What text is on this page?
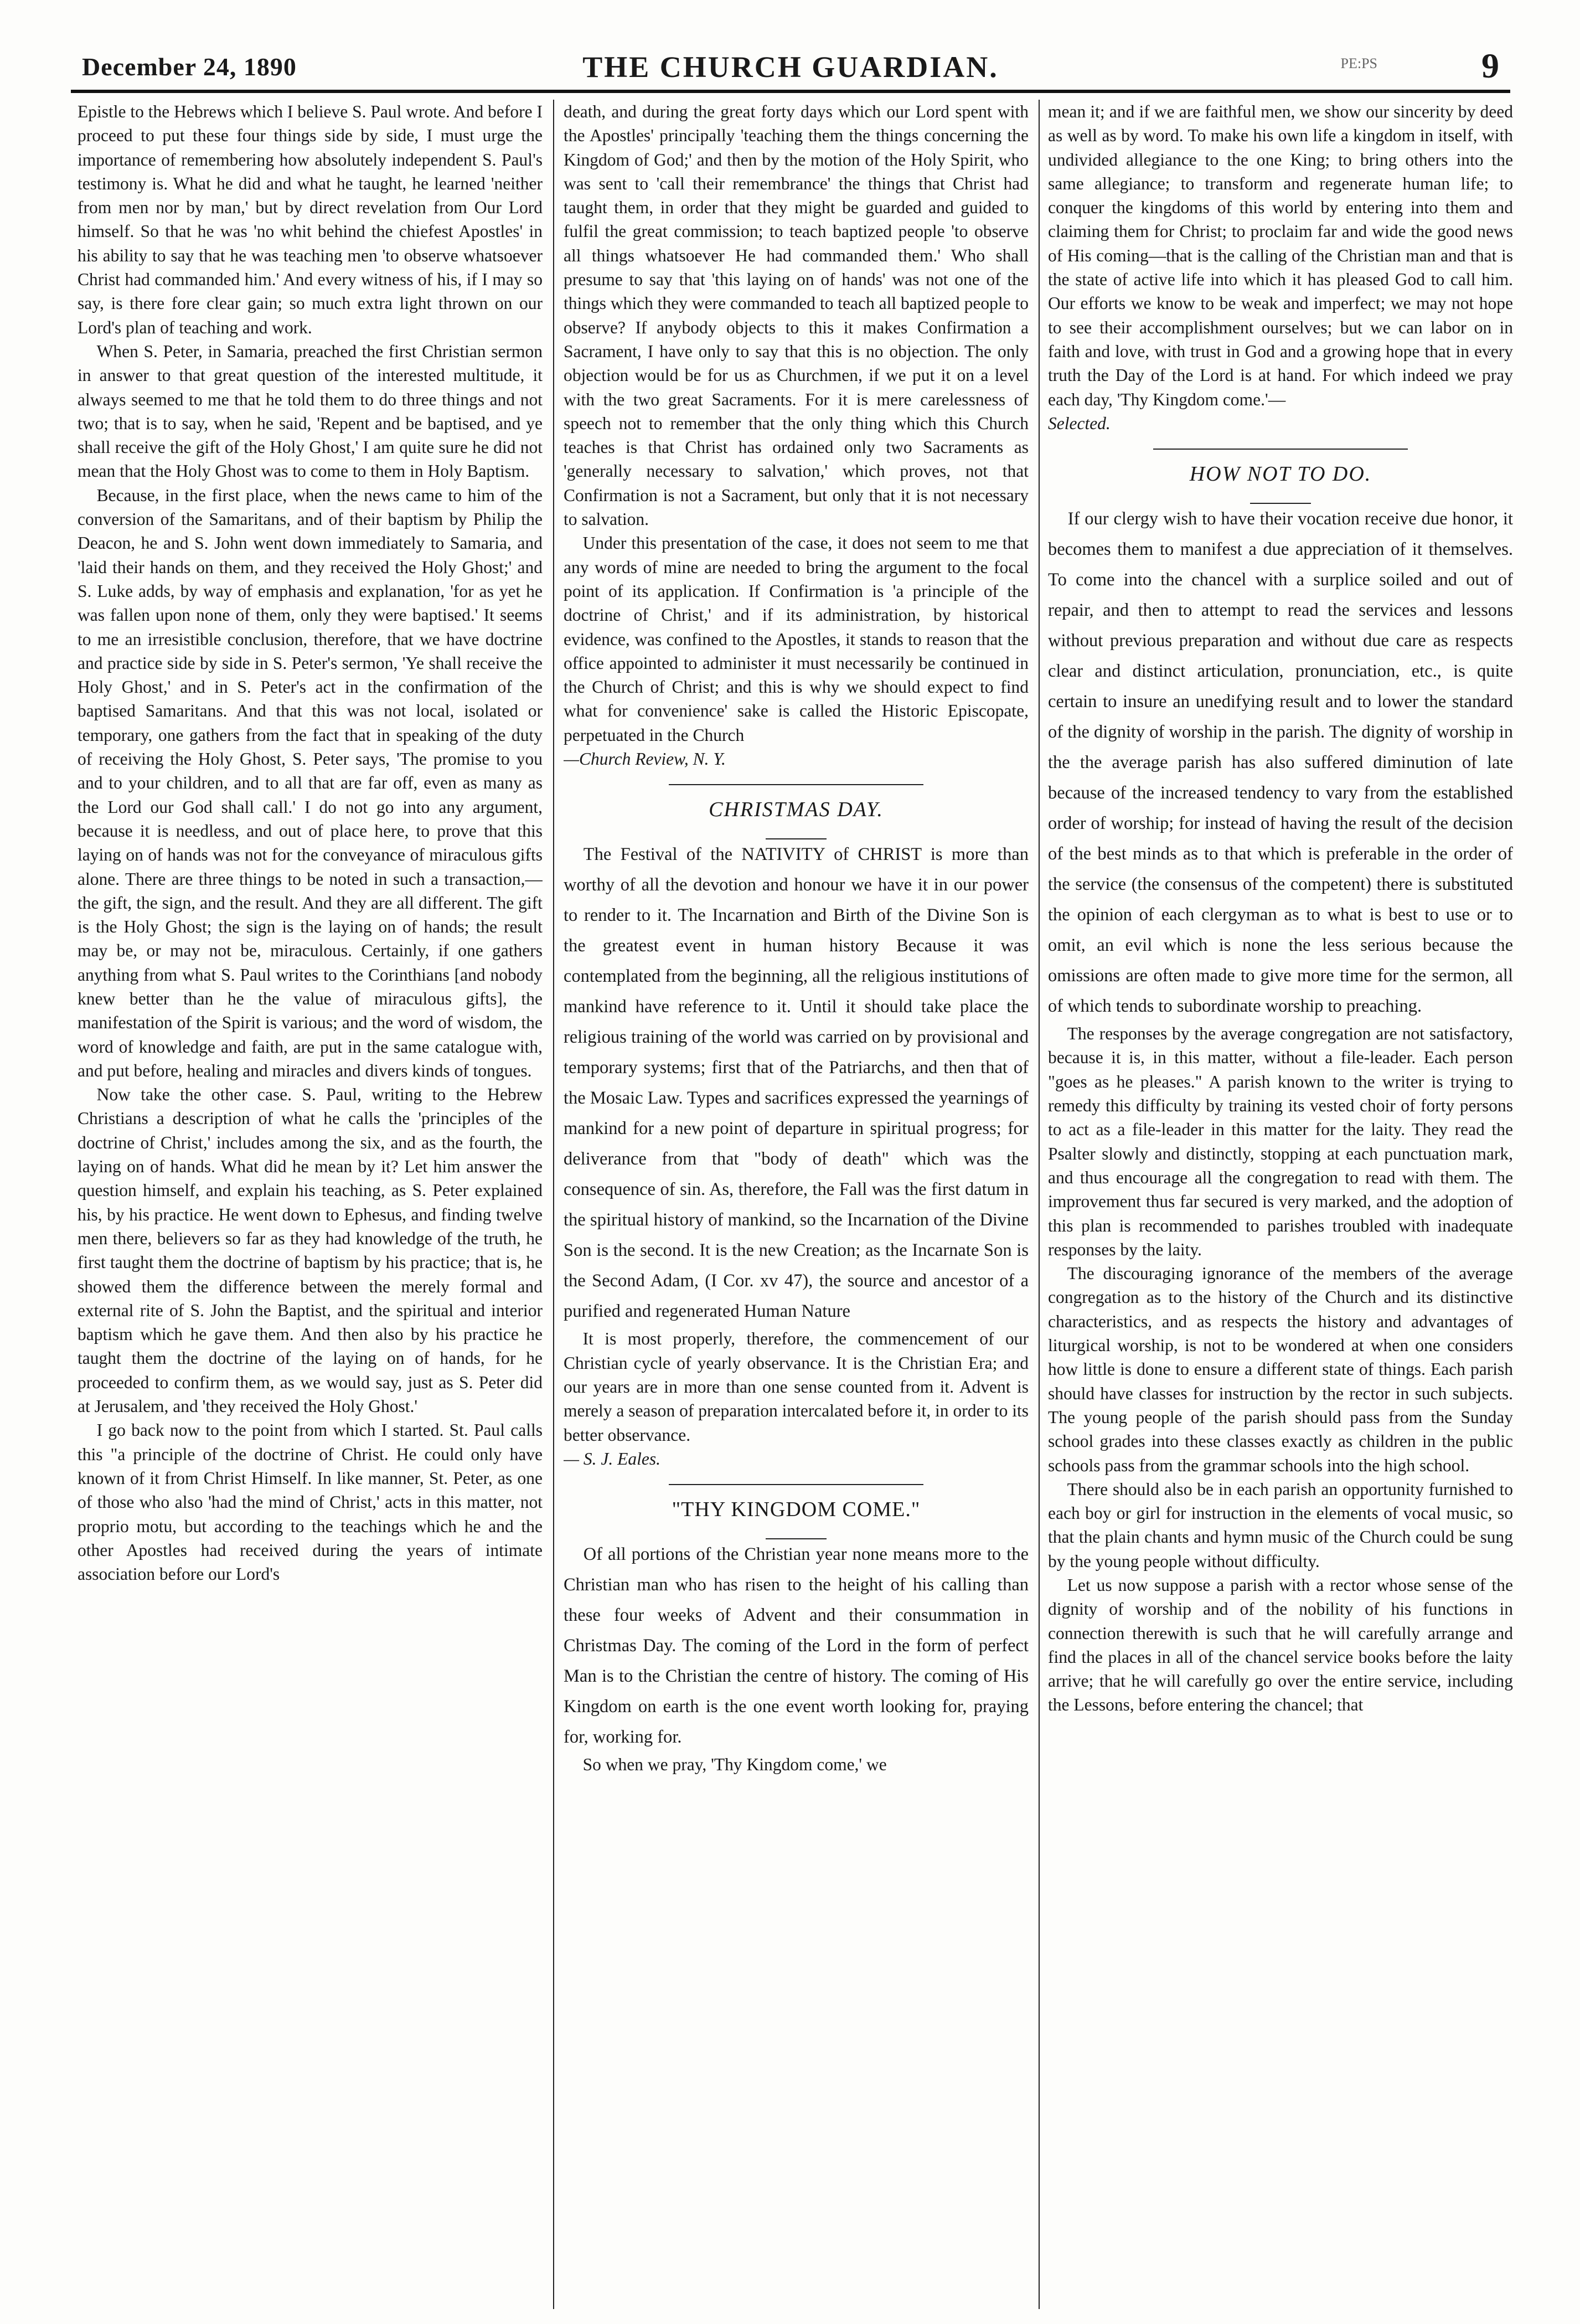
December 24, 1890	THE CHURCH GUARDIAN.	PE:PS	9

Epistle to the Hebrews which I believe S. Paul wrote. And before I proceed to put these four things side by side, I must urge the importance of remembering how absolutely independent S. Paul's testimony is. What he did and what he taught, he learned 'neither from men nor by man,' but by direct revelation from Our Lord himself. So that he was 'no whit behind the chiefest Apostles' in his ability to say that he was teaching men 'to observe whatsoever Christ had commanded him.' And every witness of his, if I may so say, is there fore clear gain; so much extra light thrown on our Lord's plan of teaching and work.

When S. Peter, in Samaria, preached the first Christian sermon in answer to that great question of the interested multitude, it always seemed to me that he told them to do three things and not two; that is to say, when he said, 'Repent and be baptised, and ye shall receive the gift of the Holy Ghost,' I am quite sure he did not mean that the Holy Ghost was to come to them in Holy Baptism.

Because, in the first place, when the news came to him of the conversion of the Samaritans, and of their baptism by Philip the Deacon, he and S. John went down immediately to Samaria, and 'laid their hands on them, and they received the Holy Ghost;' and S. Luke adds, by way of emphasis and explanation, 'for as yet he was fallen upon none of them, only they were baptised.' It seems to me an irresistible conclusion, therefore, that we have doctrine and practice side by side in S. Peter's sermon, 'Ye shall receive the Holy Ghost,' and in S. Peter's act in the confirmation of the baptised Samaritans. And that this was not local, isolated or temporary, one gathers from the fact that in speaking of the duty of receiving the Holy Ghost, S. Peter says, 'The promise to you and to your children, and to all that are far off, even as many as the Lord our God shall call.' I do not go into any argument, because it is needless, and out of place here, to prove that this laying on of hands was not for the conveyance of miraculous gifts alone. There are three things to be noted in such a transaction,—the gift, the sign, and the result. And they are all different. The gift is the Holy Ghost; the sign is the laying on of hands; the result may be, or may not be, miraculous. Certainly, if one gathers anything from what S. Paul writes to the Corinthians [and nobody knew better than he the value of miraculous gifts], the manifestation of the Spirit is various; and the word of wisdom, the word of knowledge and faith, are put in the same catalogue with, and put before, healing and miracles and divers kinds of tongues.

Now take the other case. S. Paul, writing to the Hebrew Christians a description of what he calls the 'principles of the doctrine of Christ,' includes among the six, and as the fourth, the laying on of hands. What did he mean by it? Let him answer the question himself, and explain his teaching, as S. Peter explained his, by his practice. He went down to Ephesus, and finding twelve men there, believers so far as they had knowledge of the truth, he first taught them the doctrine of baptism by his practice; that is, he showed them the difference between the merely formal and external rite of S. John the Baptist, and the spiritual and interior baptism which he gave them. And then also by his practice he taught them the doctrine of the laying on of hands, for he proceeded to confirm them, as we would say, just as S. Peter did at Jerusalem, and 'they received the Holy Ghost.'

I go back now to the point from which I started. St. Paul calls this "a principle of the doctrine of Christ. He could only have known of it from Christ Himself. In like manner, St. Peter, as one of those who also 'had the mind of Christ,' acts in this matter, not proprio motu, but according to the teachings which he and the other Apostles had received during the years of intimate association before our Lord's

death, and during the great forty days which our Lord spent with the Apostles' principally 'teaching them the things concerning the Kingdom of God;' and then by the motion of the Holy Spirit, who was sent to 'call their remembrance' the things that Christ had taught them, in order that they might be guarded and guided to fulfil the great commission; to teach baptized people 'to observe all things whatsoever He had commanded them.' Who shall presume to say that 'this laying on of hands' was not one of the things which they were commanded to teach all baptized people to observe? If anybody objects to this it makes Confirmation a Sacrament, I have only to say that this is no objection. The only objection would be for us as Churchmen, if we put it on a level with the two great Sacraments. For it is mere carelessness of speech not to remember that the only thing which this Church teaches is that Christ has ordained only two Sacraments as 'generally necessary to salvation,' which proves, not that Confirmation is not a Sacrament, but only that it is not necessary to salvation.

Under this presentation of the case, it does not seem to me that any words of mine are needed to bring the argument to the focal point of its application. If Confirmation is 'a principle of the doctrine of Christ,' and if its administration, by historical evidence, was confined to the Apostles, it stands to reason that the office appointed to administer it must necessarily be continued in the Church of Christ; and this is why we should expect to find what for convenience' sake is called the Historic Episcopate, perpetuated in the Church

—Church Review, N. Y.

CHRISTMAS DAY.

The Festival of the NATIVITY of CHRIST is more than worthy of all the devotion and honour we have it in our power to render to it. The Incarnation and Birth of the Divine Son is the greatest event in human history Because it was contemplated from the beginning, all the religious institutions of mankind have reference to it. Until it should take place the religious training of the world was carried on by provisional and temporary systems; first that of the Patriarchs, and then that of the Mosaic Law. Types and sacrifices expressed the yearnings of mankind for a new point of departure in spiritual progress; for deliverance from that "body of death" which was the consequence of sin. As, therefore, the Fall was the first datum in the spiritual history of mankind, so the Incarnation of the Divine Son is the second. It is the new Creation; as the Incarnate Son is the Second Adam, (I Cor. xv 47), the source and ancestor of a purified and regenerated Human Nature

It is most properly, therefore, the commencement of our Christian cycle of yearly observance. It is the Christian Era; and our years are in more than one sense counted from it. Advent is merely a season of preparation intercalated before it, in order to its better observance.

— S. J. Eales.

"THY KINGDOM COME."

Of all portions of the Christian year none means more to the Christian man who has risen to the height of his calling than these four weeks of Advent and their consummation in Christmas Day. The coming of the Lord in the form of perfect Man is to the Christian the centre of history. The coming of His Kingdom on earth is the one event worth looking for, praying for, working for.

So when we pray, 'Thy Kingdom come,' we

mean it; and if we are faithful men, we show our sincerity by deed as well as by word. To make his own life a kingdom in itself, with undivided allegiance to the one King; to bring others into the same allegiance; to transform and regenerate human life; to conquer the kingdoms of this world by entering into them and claiming them for Christ; to proclaim far and wide the good news of His coming—that is the calling of the Christian man and that is the state of active life into which it has pleased God to call him. Our efforts we know to be weak and imperfect; we may not hope to see their accomplishment ourselves; but we can labor on in faith and love, with trust in God and a growing hope that in every truth the Day of the Lord is at hand. For which indeed we pray each day, 'Thy Kingdom come.'—

Selected.

HOW NOT TO DO.

If our clergy wish to have their vocation receive due honor, it becomes them to manifest a due appreciation of it themselves. To come into the chancel with a surplice soiled and out of repair, and then to attempt to read the services and lessons without previous preparation and without due care as respects clear and distinct articulation, pronunciation, etc., is quite certain to insure an unedifying result and to lower the standard of the dignity of worship in the parish. The dignity of worship in the the average parish has also suffered diminution of late because of the increased tendency to vary from the established order of worship; for instead of having the result of the decision of the best minds as to that which is preferable in the order of the service (the consensus of the competent) there is substituted the opinion of each clergyman as to what is best to use or to omit, an evil which is none the less serious because the omissions are often made to give more time for the sermon, all of which tends to subordinate worship to preaching.

The responses by the average congregation are not satisfactory, because it is, in this matter, without a file-leader. Each person "goes as he pleases." A parish known to the writer is trying to remedy this difficulty by training its vested choir of forty persons to act as a file-leader in this matter for the laity. They read the Psalter slowly and distinctly, stopping at each punctuation mark, and thus encourage all the congregation to read with them. The improvement thus far secured is very marked, and the adoption of this plan is recommended to parishes troubled with inadequate responses by the laity.

The discouraging ignorance of the members of the average congregation as to the history of the Church and its distinctive characteristics, and as respects the history and advantages of liturgical worship, is not to be wondered at when one considers how little is done to ensure a different state of things. Each parish should have classes for instruction by the rector in such subjects. The young people of the parish should pass from the Sunday school grades into these classes exactly as children in the public schools pass from the grammar schools into the high school.

There should also be in each parish an opportunity furnished to each boy or girl for instruction in the elements of vocal music, so that the plain chants and hymn music of the Church could be sung by the young people without difficulty.

Let us now suppose a parish with a rector whose sense of the dignity of worship and of the nobility of his functions in connection therewith is such that he will carefully arrange and find the places in all of the chancel service books before the laity arrive; that he will carefully go over the entire service, including the Lessons, before entering the chancel; that
